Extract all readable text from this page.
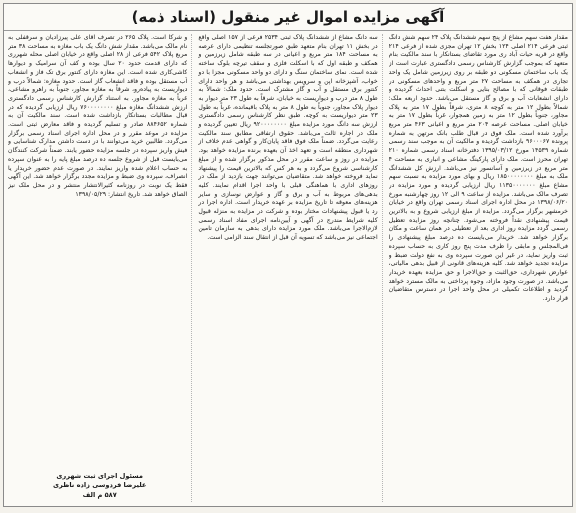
آگهی مزایده اموال غیر منقول (اسناد ذمه)

مقدار هفت سهم مشاع از پنج سهم ششدانگ پلاک ۲۴ سهم شش دانگ ثبتی فرعی ۲۱۴ اصلی ۱۲۴ بخش ۱۲ تهران مجزی شده از فرعی ۲۱۴ واقع در قریه حیات آباد ری مورد تقاضای بستانکار با سند مالکیت بنام متعهد که بموجب گزارش کارشناس رسمی دادگستری عبارت است از یک باب ساختمان مسکونی دو طبقه بر روی زیرزمین شامل یک واحد تجاری در همکف به مساحت ۲۷ متر مربع و واحدهای مسکونی در طبقات فوقانی که با مصالح بنایی و اسکلت بتنی احداث گردیده و دارای انشعابات آب و برق و گاز مستقل می‌باشد. حدود اربعه ملک: شمالاً بطول ۱۲ متر به کوچه ۸ متری، شرقاً بطول ۱۷ متر به پلاک مجاور، جنوباً بطول ۱۲ متر به زمین همجوار، غرباً بطول ۱۷ متر به خیابان اصلی. مساحت عرصه ۲۰۴ متر مربع و اعیانی ۴۶۳ متر مربع برآورد شده است. ملک فوق در قبال طلب بانک مرتهن به شماره پرونده ۹۶۰۰۰۶۷ بازداشت گردیده و مالکیت آن به موجب سند رسمی شماره ۱۴۵۳۹ مورخ ۱۳۹۵/۰۳/۱۲ دفترخانه اسناد رسمی شماره ۲۱۰ تهران محرز است. ملک دارای پارکینگ مشاعی و انباری به مساحت ۴ متر مربع در زیرزمین و آسانسور نیز می‌باشد. ارزش کل ششدانگ ملک به مبلغ ۱۸۵۰۰۰۰۰۰۰۰ ریال و بهای مورد مزایده به نسبت سهم مشاع مبلغ ۱۱۳۵۰۰۰۰۰۰۰ ریال ارزیابی گردیده و مورد مزایده در تصرف مالک می‌باشد. مزایده از ساعت ۹ الی ۱۲ روز چهارشنبه مورخ ۱۳۹۸/۰۶/۲۰ در محل اداره اجرای اسناد رسمی تهران واقع در خیابان خرمشهر برگزار می‌گردد. مزایده از مبلغ ارزیابی شروع و به بالاترین قیمت پیشنهادی نقداً فروخته می‌شود. چنانچه روز مزایده تعطیل رسمی گردد مزایده روز اداری بعد از تعطیلی در همان ساعت و مکان برگزار خواهد شد. خریدار می‌بایست ده درصد مبلغ پیشنهادی را فی‌المجلس و مابقی را ظرف مدت پنج روز کاری به حساب سپرده ثبت واریز نماید، در غیر این صورت سپرده وی به نفع دولت ضبط و مزایده تجدید خواهد شد. کلیه هزینه‌های قانونی از قبیل بدهی مالیاتی، عوارض شهرداری، حق‌الثبت و حق‌الاجرا و حق مزایده بعهده خریدار می‌باشد. در صورت وجود مازاد، وجوه پرداختی به مالک مسترد خواهد گردید و اطلاعات تکمیلی در محل واحد اجرا در دسترس متقاضیان قرار دارد.

سه دانگ مشاع از ششدانگ پلاک ثبتی ۲۵۳۴ فرعی از ۱۵۷ اصلی واقع در بخش ۱۱ تهران بنام متعهد طبق صورتجلسه تنظیمی دارای عرصه به مساحت ۱۸۴ متر مربع و اعیانی در سه طبقه شامل زیرزمین و همکف و طبقه اول که با اسکلت فلزی و سقف تیرچه بلوک ساخته شده است. نمای ساختمان سنگ و دارای دو واحد مسکونی مجزا با دو خواب، آشپزخانه اپن و سرویس بهداشتی می‌باشد و هر واحد دارای کنتور برق مستقل و آب و گاز مشترک است. حدود ملک: شمالاً به طول ۸ متر درب و دیواریست به خیابان، شرقاً به طول ۲۳ متر دیوار به دیوار پلاک مجاور، جنوباً به طول ۸ متر به پلاک باقیمانده، غرباً به طول ۲۳ متر دیواریست به کوچه. طبق نظر کارشناس رسمی دادگستری ارزش سه دانگ مورد مزایده مبلغ ۹۲۰۰۰۰۰۰۰۰ ریال تعیین گردیده و ملک در اجاره ثالث می‌باشد. حقوق ارتفاقی مطابق سند مالکیت رعایت می‌گردد. ضمناً ملک فوق فاقد پایان‌کار و گواهی عدم خلاف از شهرداری منطقه است و تعهد اخذ آن بعهده برنده مزایده خواهد بود. مزایده در روز و ساعت مقرر در محل مذکور برگزار شده و از مبلغ کارشناسی شروع می‌گردد و به هر کس که بالاترین قیمت را پیشنهاد نماید فروخته خواهد شد. متقاضیان می‌توانند جهت بازدید از ملک در روزهای اداری با هماهنگی قبلی با واحد اجرا اقدام نمایند. کلیه بدهی‌های مربوط به آب و برق و گاز و عوارض نوسازی و سایر هزینه‌های معوقه تا تاریخ مزایده بر عهده خریدار است. اداره اجرا در رد یا قبول پیشنهادات مختار بوده و شرکت در مزایده به منزله قبول کلیه شرایط مندرج در آگهی و آیین‌نامه اجرای مفاد اسناد رسمی لازم‌الاجرا می‌باشد. ملک مورد مزایده دارای بدهی به سازمان تامین اجتماعی نیز می‌باشد که تسویه آن قبل از انتقال سند الزامی است.

و شرکا است. پلاک ۲۶۵ در تصرف آقای علی پیرزادیان و سرقفلی به نام مالک می‌باشد. مقدار شش دانگ یک باب مغازه به مساحت ۳۸ متر مربع پلاک ۵۴۲ فرعی از ۲۸ اصلی واقع در خیابان اصلی محله شهرری که دارای قدمت حدود ۲۰ سال بوده و کف آن سرامیک و دیوارها کاشی‌کاری شده است. این مغازه دارای کنتور برق تک فاز و انشعاب آب مستقل بوده و فاقد انشعاب گاز است. حدود مغازه: شمالاً درب و دیواریست به پیاده‌رو، شرقاً به مغازه مجاور، جنوباً به راهرو مشاعی، غرباً به مغازه مجاور. به استناد گزارش کارشناس رسمی دادگستری ارزش ششدانگ مغازه مبلغ ۷۶۰۰۰۰۰۰۰۰ ریال ارزیابی گردیده که در قبال مطالبات بستانکار بازداشت شده است. سند مالکیت آن به شماره ۸۸۴۶۵۲ صادر و تسلیم گردیده و فاقد معارض ثبتی است. مزایده در موعد مقرر و در محل اداره اجرای اسناد رسمی برگزار می‌گردد. طالبین خرید می‌توانند با در دست داشتن مدارک شناسایی و فیش واریز سپرده در جلسه مزایده حضور یابند. ضمناً شرکت کنندگان می‌بایست قبل از شروع جلسه ده درصد مبلغ پایه را به عنوان سپرده به حساب اعلام شده واریز نمایند. در صورت عدم حضور خریدار یا انصراف، سپرده وی ضبط و مزایده مجدد برگزار خواهد شد. این آگهی فقط یک نوبت در روزنامه کثیرالانتشار منتشر و در محل ملک نیز الصاق خواهد شد. تاریخ انتشار: ۱۳۹۸/۰۵/۲۹

مسئول اجرای ثبت شهرری
علیرضا فردوسی زاده ناظری
۵۸۷ م الف
